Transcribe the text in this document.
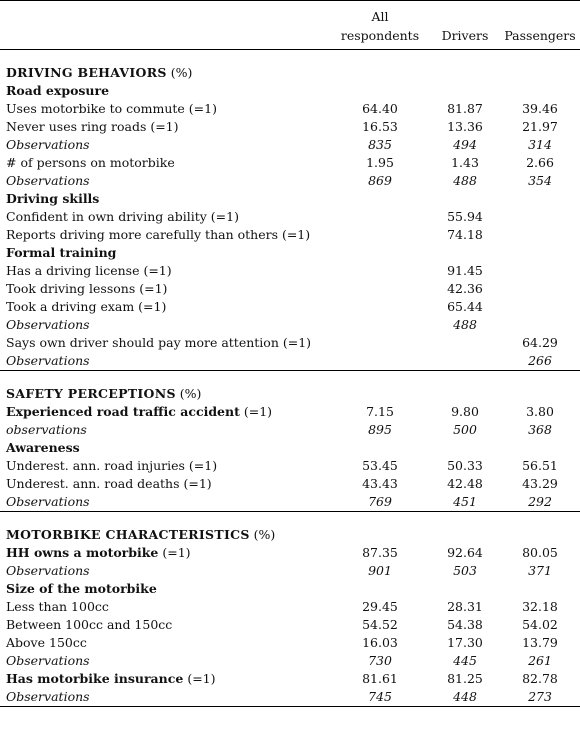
	All
respondents	Drivers	Passengers
DRIVING BEHAVIORS (%)			
Road exposure			
Uses motorbike to commute (=1)	64.40	81.87	39.46
Never uses ring roads (=1)	16.53	13.36	21.97
Observations	835	494	314
# of persons on motorbike	1.95	1.43	2.66
Observations	869	488	354
Driving skills			
Confident in own driving ability (=1)		55.94	
Reports driving more carefully than others (=1)		74.18	
Formal training			
Has a driving license (=1)		91.45	
Took driving lessons (=1)		42.36	
Took a driving exam (=1)		65.44	
Observations		488	
Says own driver should pay more attention (=1)			64.29
Observations			266
SAFETY PERCEPTIONS (%)			
Experienced road traffic accident (=1)	7.15	9.80	3.80
observations	895	500	368
Awareness			
Underest. ann. road injuries (=1)	53.45	50.33	56.51
Underest. ann. road deaths (=1)	43.43	42.48	43.29
Observations	769	451	292
MOTORBIKE CHARACTERISTICS (%)			
HH owns a motorbike (=1)	87.35	92.64	80.05
Observations	901	503	371
Size of the motorbike			
Less than 100cc	29.45	28.31	32.18
Between 100cc and 150cc	54.52	54.38	54.02
Above 150cc	16.03	17.30	13.79
Observations	730	445	261
Has motorbike insurance (=1)	81.61	81.25	82.78
Observations	745	448	273
